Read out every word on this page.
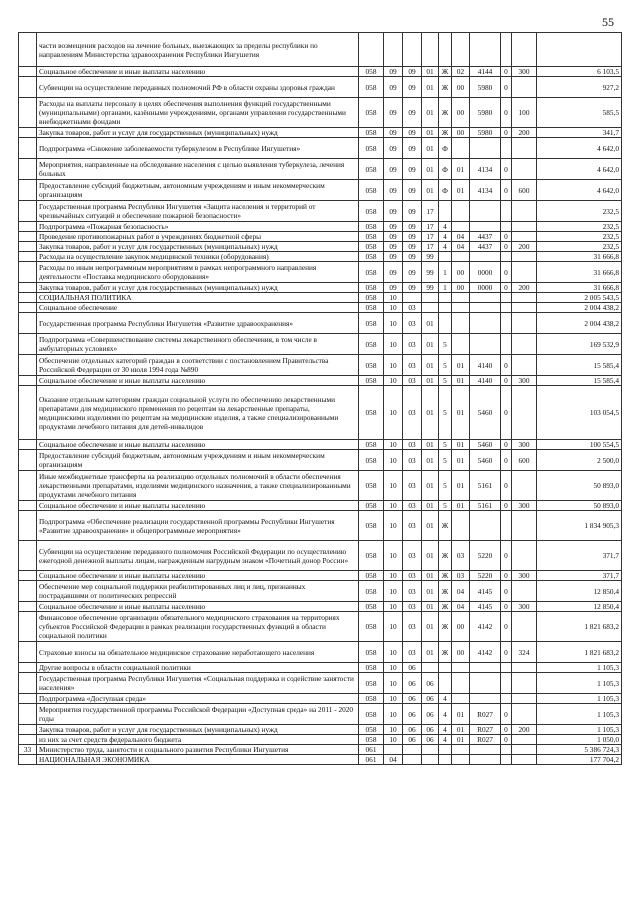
55
	части возмещения расходов на лечение больных, выезжающих за пределы республики по направлениям Министерства здравоохранения Республики Ингушетия										
	Социальное обеспечение и иные выплаты населению	058	09	09	01	Ж	02	4144	0	300	6 103,5
	Субвенции на осуществление переданных полномочий РФ в области охраны здоровья граждан	058	09	09	01	Ж	00	5980	0		927,2
	Расходы на выплаты персоналу в целях обеспечения выполнения функций государственными (муниципальными) органами, казёнными учреждениями, органами управления государственными внебюджетными фондами	058	09	09	01	Ж	00	5980	0	100	585,5
	Закупка товаров, работ и услуг для государственных (муниципальных) нужд	058	09	09	01	Ж	00	5980	0	200	341,7
	Подпрограмма «Снижение заболеваемости туберкулезом в Республике Ингушетия»	058	09	09	01	Ф					4 642,0
	Мероприятия, направленные на обследование населения с целью выявления туберкулеза, лечения больных	058	09	09	01	Ф	01	4134	0		4 642,0
	Предоставление субсидий бюджетным, автономным учреждениям и иным некоммерческим организациям	058	09	09	01	Ф	01	4134	0	600	4 642,0
	Государственная программа Республики Ингушетия «Защита населения и территорий от чрезвычайных ситуаций и обеспечение пожарной безопасности»	058	09	09	17						232,5
	Подпрограмма «Пожарная безопасность»	058	09	09	17	4					232,5
	Проведение противопожарных работ в учреждениях бюджетной сферы	058	09	09	17	4	04	4437	0		232,5
	Закупка товаров, работ и услуг для государственных (муниципальных) нужд	058	09	09	17	4	04	4437	0	200	232,5
	Расходы на осуществление закупок медицинской техники (оборудования)	058	09	09	99						31 666,8
	Расходы по иным непрограммным мероприятиям в рамках непрограммного направления деятельности «Поставка медицинского оборудования»	058	09	09	99	1	00	0000	0		31 666,8
	Закупка товаров, работ и услуг для государственных (муниципальных) нужд	058	09	09	99	1	00	0000	0	200	31 666,8
	СОЦИАЛЬНАЯ ПОЛИТИКА	058	10								2 005 543,5
	Социальное обеспечение	058	10	03							2 004 438,2
	Государственная программа Республики Ингушетия «Развитие здравоохранения»	058	10	03	01						2 004 438,2
	Подпрограмма «Совершенствование системы лекарственного обеспечения, в том числе в амбулаторных условиях»	058	10	03	01	5					169 532,9
	Обеспечение отдельных категорий граждан в соответствии с постановлением Правительства Российской Федерации от 30 июля 1994 года №890	058	10	03	01	5	01	4140	0		15 585,4
	Социальное обеспечение и иные выплаты населению	058	10	03	01	5	01	4140	0	300	15 585,4
	Оказание отдельным категориям граждан социальной услуги по обеспечению лекарственными препаратами для медицинского применения по рецептам на лекарственные препараты, медицинскими изделиями по рецептам на медицинские изделия, а также специализированными продуктами лечебного питания для детей-инвалидов	058	10	03	01	5	01	5460	0		103 054,5
	Социальное обеспечение и иные выплаты населению	058	10	03	01	5	01	5460	0	300	100 554,5
	Предоставление субсидий бюджетным, автономным учреждениям и иным некоммерческим организациям	058	10	03	01	5	01	5460	0	600	2 500,0
	Иные межбюджетные трансферты на реализацию отдельных полномочий в области обеспечения лекарственными препаратами, изделиями медицинского назначения, а также специализированными продуктами лечебного питания	058	10	03	01	5	01	5161	0		50 893,0
	Социальное обеспечение и иные выплаты населению	058	10	03	01	5	01	5161	0	300	50 893,0
	Подпрограмма «Обеспечение реализации государственной программы Республики Ингушетия «Развитие здравоохранения» и общепрограммные мероприятия»	058	10	03	01	Ж					1 834 905,3
	Субвенции на осуществление переданного полномочия Российской Федерации по осуществлению ежегодной денежной выплаты лицам, награжденным нагрудным знаком «Почетный донор России»	058	10	03	01	Ж	03	5220	0		371,7
	Социальное обеспечение и иные выплаты населению	058	10	03	01	Ж	03	5220	0	300	371,7
	Обеспечение мер социальной поддержки реабилитированных лиц и лиц, признанных пострадавшими от политических репрессий	058	10	03	01	Ж	04	4145	0		12 850,4
	Социальное обеспечение и иные выплаты населению	058	10	03	01	Ж	04	4145	0	300	12 850,4
	Финансовое обеспечение организации обязательного медицинского страхования на территориях субъектов Российской Федерации в рамках реализации государственных функций в области социальной политики	058	10	03	01	Ж	00	4142	0		1 821 683,2
	Страховые взносы на обязательное медицинское страхование неработающего населения	058	10	03	01	Ж	00	4142	0	324	1 821 683,2
	Другие вопросы в области социальной политики	058	10	06							1 105,3
	Государственная программа Республики Ингушетия «Социальная поддержка и содействие занятости населения»	058	10	06	06						1 105,3
	Подпрограмма «Доступная среда»	058	10	06	06	4					1 105,3
	Мероприятия государственной программы Российской Федерации «Доступная среда» на 2011 - 2020 годы	058	10	06	06	4	01	R027	0		1 105,3
	Закупка товаров, работ и услуг для государственных (муниципальных) нужд	058	10	06	06	4	01	R027	0	200	1 105,3
	из них за счет средств федерального бюджета	058	10	06	06	4	01	R027	0		1 050,0
33	Министерство труда, занятости и социального развития Республики Ингушетия	061									5 386 724,3
	НАЦИОНАЛЬНАЯ ЭКОНОМИКА	061	04								177 704,2
